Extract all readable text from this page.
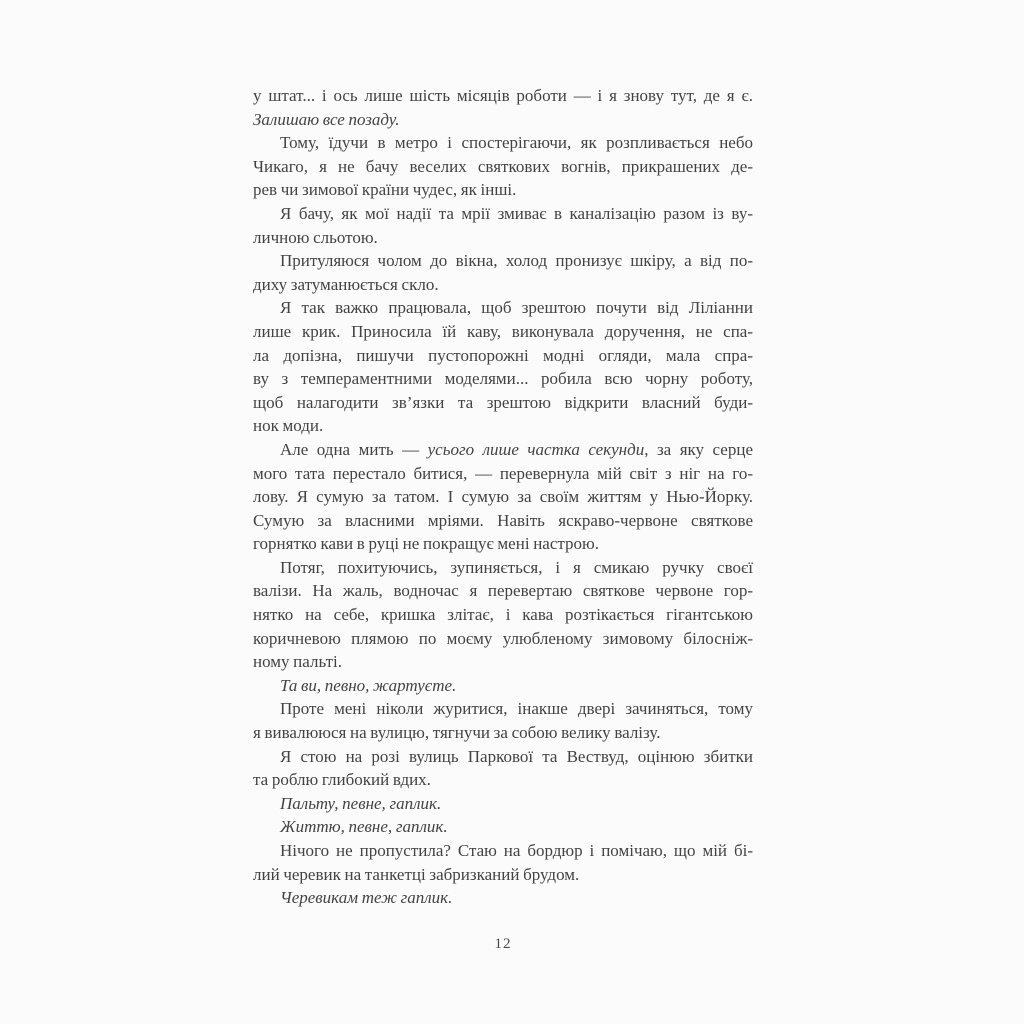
у штат... і ось лише шість місяців роботи — і я знову тут, де я є.
Залишаю все позаду.
Тому, їдучи в метро і спостерігаючи, як розпливається небо
Чикаго, я не бачу веселих святкових вогнів, прикрашених де-
рев чи зимової країни чудес, як інші.
Я бачу, як мої надії та мрії змиває в каналізацію разом із ву-
личною сльотою.
Притуляюся чолом до вікна, холод пронизує шкіру, а від по-
диху затуманюється скло.
Я так важко працювала, щоб зрештою почути від Ліліанни
лише крик. Приносила їй каву, виконувала доручення, не спа-
ла допізна, пишучи пустопорожні модні огляди, мала спра-
ву з темпераментними моделями... робила всю чорну роботу,
щоб налагодити зв’язки та зрештою відкрити власний буди-
нок моди.
Але одна мить — усього лише частка секунди, за яку серце
мого тата перестало битися, — перевернула мій світ з ніг на го-
лову. Я сумую за татом. І сумую за своїм життям у Нью-Йорку.
Сумую за власними мріями. Навіть яскраво-червоне святкове
горнятко кави в руці не покращує мені настрою.
Потяг, похитуючись, зупиняється, і я смикаю ручку своєї
валізи. На жаль, водночас я перевертаю святкове червоне гор-
нятко на себе, кришка злітає, і кава розтікається гігантською
коричневою плямою по моєму улюбленому зимовому білосніж-
ному пальті.
Та ви, певно, жартуєте.
Проте мені ніколи журитися, інакше двері зачиняться, тому
я вивалююся на вулицю, тягнучи за собою велику валізу.
Я стою на розі вулиць Паркової та Вествуд, оцінюю збитки
та роблю глибокий вдих.
Пальту, певне, гаплик.
Життю, певне, гаплик.
Нічого не пропустила? Стаю на бордюр і помічаю, що мій бі-
лий черевик на танкетці забризканий брудом.
Черевикам теж гаплик.
12
